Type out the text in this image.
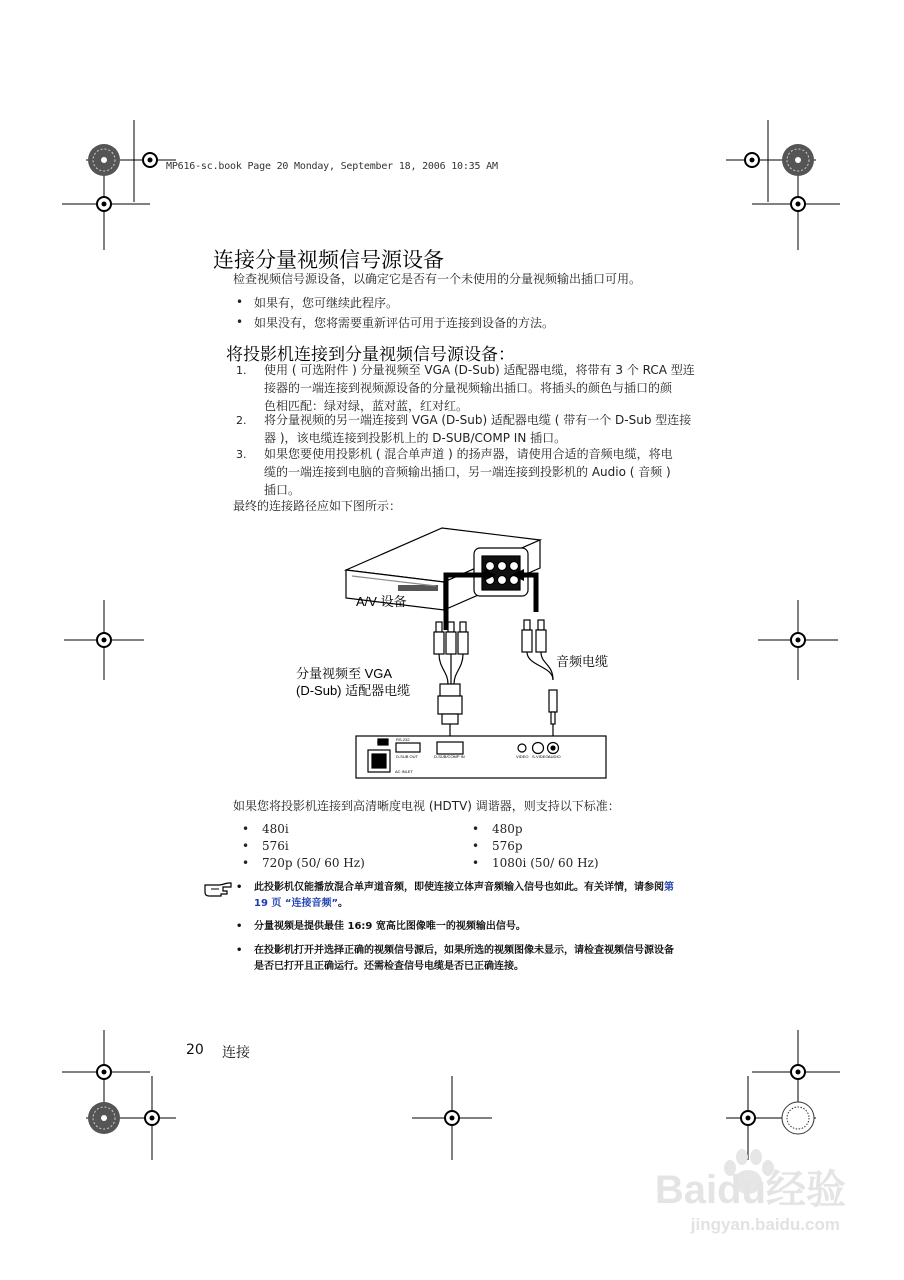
MP616-sc.book Page 20 Monday, September 18, 2006 10:35 AM
连接分量视频信号源设备
检查视频信号源设备，以确定它是否有一个未使用的分量视频输出插口可用。
• 如果有，您可继续此程序。
• 如果没有，您将需要重新评估可用于连接到设备的方法。
将投影机连接到分量视频信号源设备：
1. 使用 ( 可选附件 ) 分量视频至 VGA (D-Sub) 适配器电缆，将带有 3 个 RCA 型连
接器的一端连接到视频源设备的分量视频输出插口。将插头的颜色与插口的颜
色相匹配：绿对绿，蓝对蓝，红对红。
2. 将分量视频的另一端连接到 VGA (D-Sub) 适配器电缆 ( 带有一个 D-Sub 型连接
器 )，该电缆连接到投影机上的 D-SUB/COMP IN 插口。
3. 如果您要使用投影机 ( 混合单声道 ) 的扬声器，请使用合适的音频电缆，将电
缆的一端连接到电脑的音频输出插口，另一端连接到投影机的 Audio ( 音频 )
插口。
最终的连接路径应如下图所示：
USB
RS-232
D-SUB OUT	D-SUB/COMP IN	VIDEO S-VIDEO AUDIO
AC INLET
A/V 设备
音频电缆
分量视频至 VGA
(D-Sub) 适配器电缆
如果您将投影机连接到高清晰度电视 (HDTV) 调谐器，则支持以下标准：
• 480i
• 576i
• 720p (50/ 60 Hz)
• 480p
• 576p
• 1080i (50/ 60 Hz)
• 此投影机仅能播放混合单声道音频，即使连接立体声音频输入信号也如此。有关详情，请参阅第
19 页 “连接音频”。
• 分量视频是提供最佳 16:9 宽高比图像唯一的视频输出信号。
• 在投影机打开并选择正确的视频信号源后，如果所选的视频图像未显示，请检查视频信号源设备
是否已打开且正确运行。还需检查信号电缆是否已正确连接。
20 连接
Baidu经验
jingyan.baidu.com
